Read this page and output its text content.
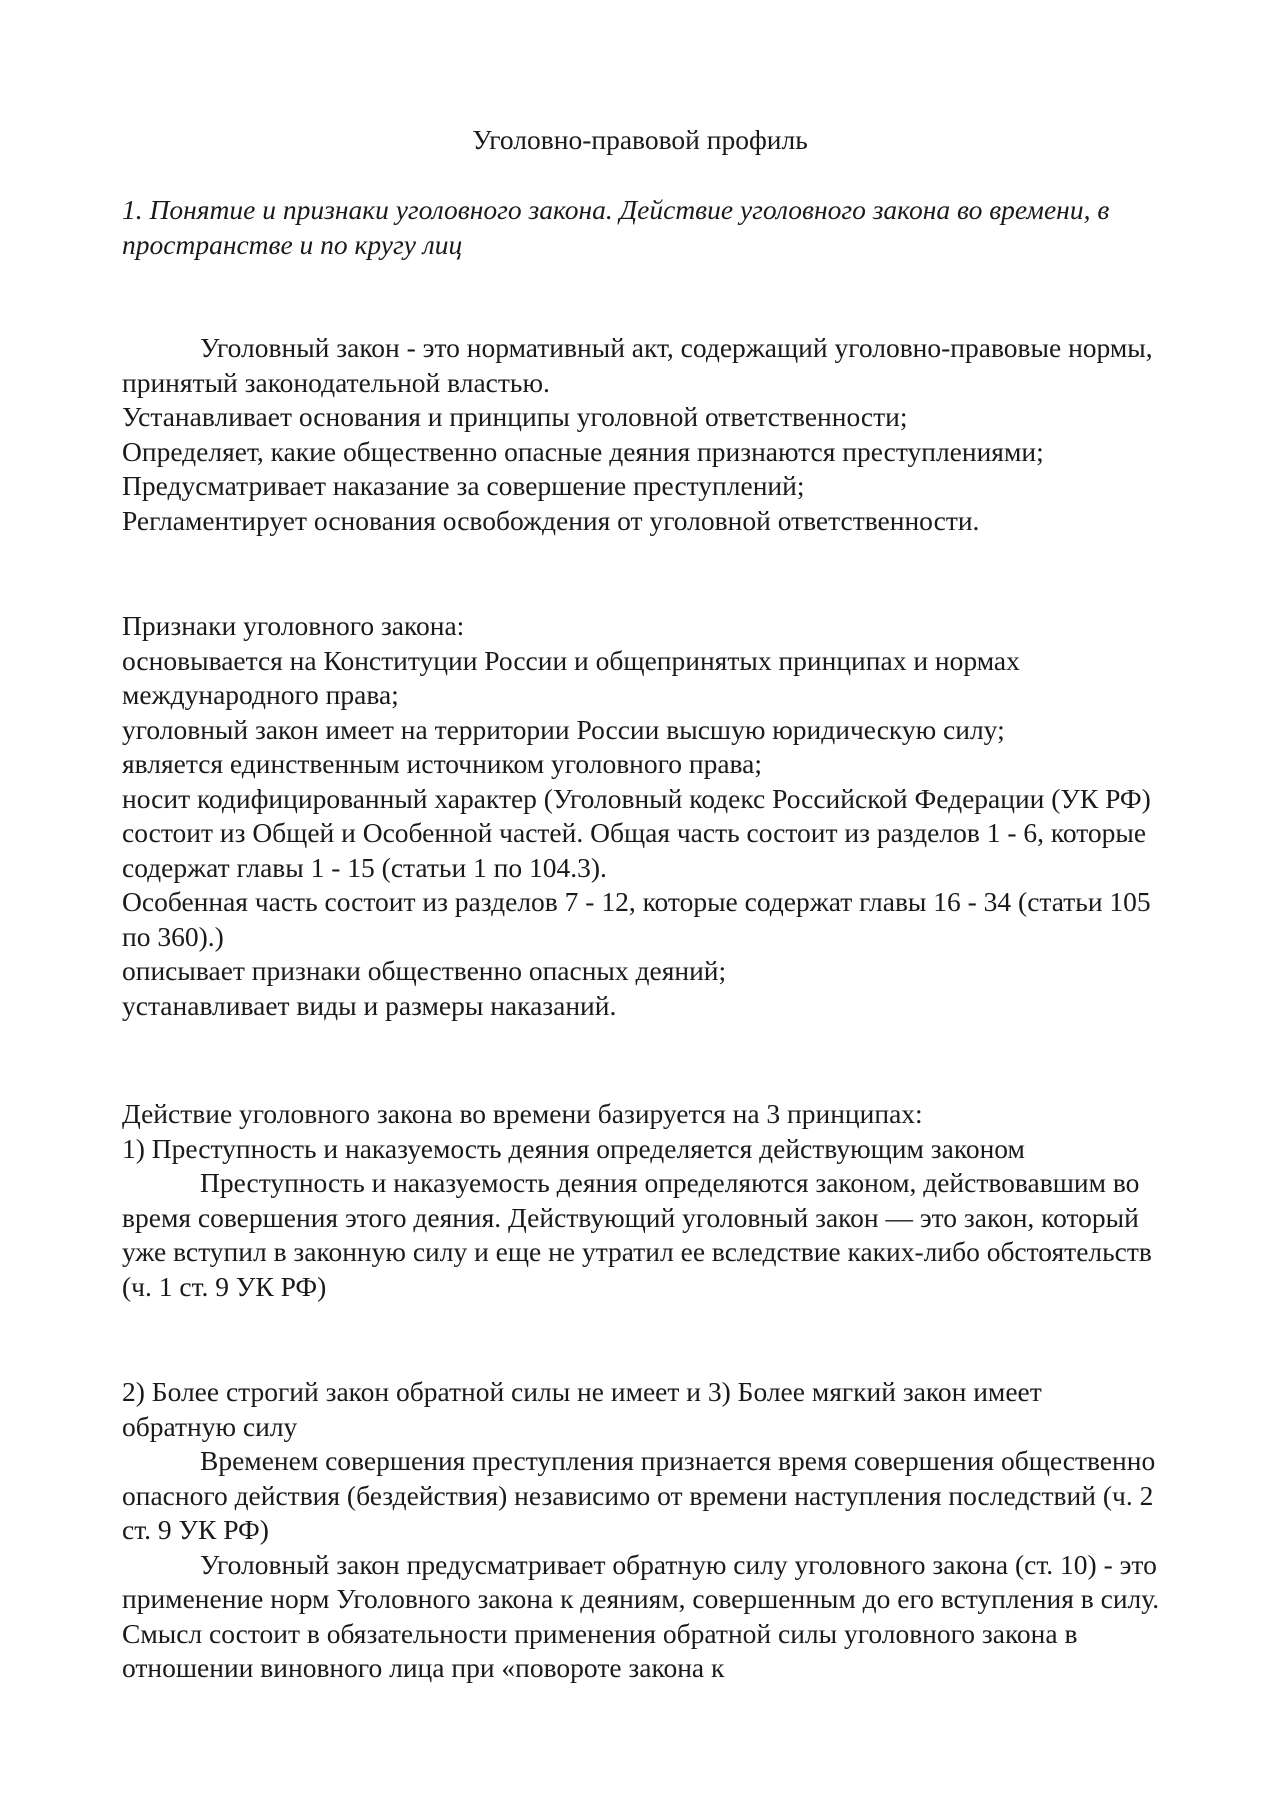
Уголовно-правовой профиль
1. Понятие и признаки уголовного закона. Действие уголовного закона во времени, в пространстве и по кругу лиц

Уголовный закон - это нормативный акт, содержащий уголовно-правовые нормы, принятый законодательной властью.

Устанавливает основания и принципы уголовной ответственности;

Определяет, какие общественно опасные деяния признаются преступлениями;

Предусматривает наказание за совершение преступлений;

Регламентирует основания освобождения от уголовной ответственности.

Признаки уголовного закона:

основывается на Конституции России и общепринятых принципах и нормах международного права;

уголовный закон имеет на территории России высшую юридическую силу;

является единственным источником уголовного права;

носит кодифицированный характер (Уголовный кодекс Российской Федерации (УК РФ) состоит из Общей и Особенной частей. Общая часть состоит из разделов 1 - 6, которые содержат главы 1 - 15 (статьи 1 по 104.3).

Особенная часть состоит из разделов 7 - 12, которые содержат главы 16 - 34 (статьи 105 по 360).)

описывает признаки общественно опасных деяний;

устанавливает виды и размеры наказаний.

Действие уголовного закона во времени базируется на 3 принципах:

1) Преступность и наказуемость деяния определяется действующим законом

Преступность и наказуемость деяния определяются законом, действовавшим во время совершения этого деяния. Действующий уголовный закон — это закон, который уже вступил в законную силу и еще не утратил ее вследствие каких-либо обстоятельств (ч. 1 ст. 9 УК РФ)

2) Более строгий закон обратной силы не имеет и 3) Более мягкий закон имеет обратную силу

Временем совершения преступления признается время совершения общественно опасного действия (бездействия) независимо от времени наступления последствий (ч. 2 ст. 9 УК РФ)

Уголовный закон предусматривает обратную силу уголовного закона (ст. 10) - это применение норм Уголовного закона к деяниям, совершенным до его вступления в силу. Смысл состоит в обязательности применения обратной силы уголовного закона в отношении виновного лица при «повороте закона к
